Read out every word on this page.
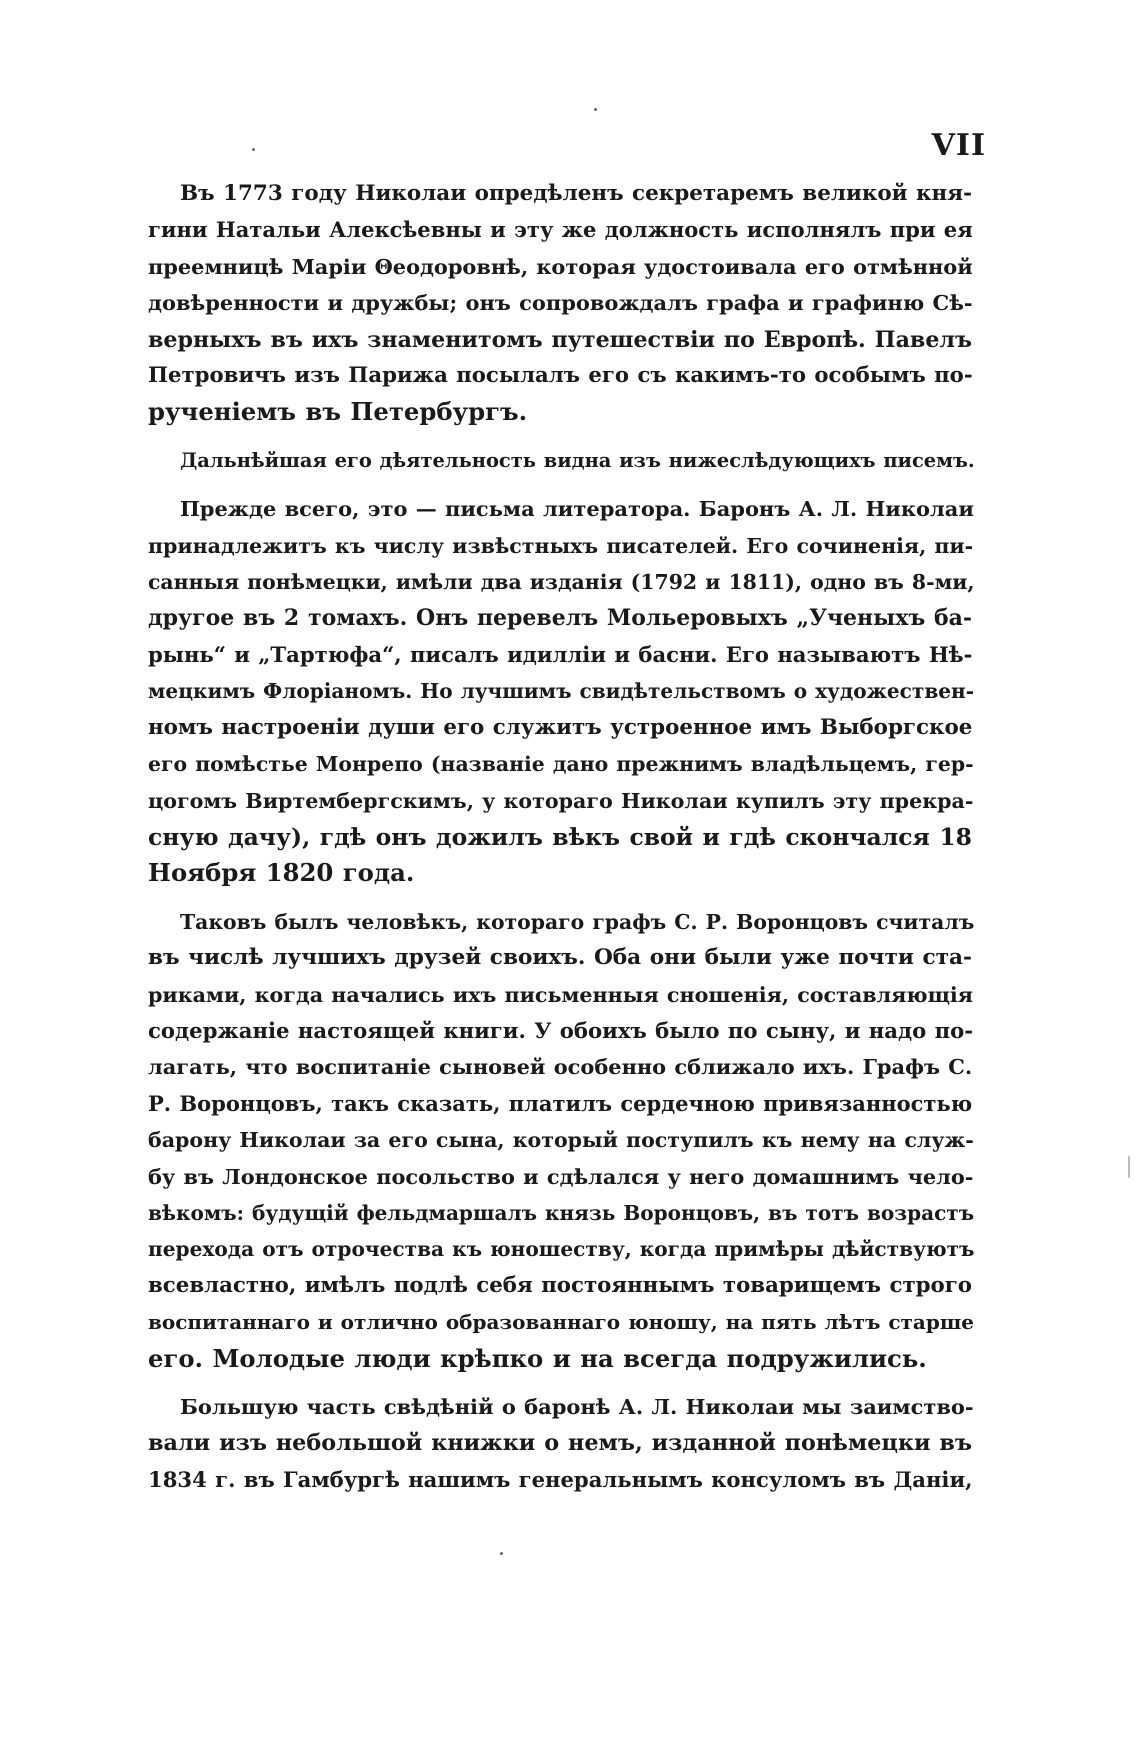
VII
Въ 1773 году Николаи опредѣленъ секретаремъ великой кня-
гини Натальи Алексѣевны и эту же должность исполнялъ при ея
преемницѣ Маріи Θеодоровнѣ, которая удостоивала его отмѣнной
довѣренности и дружбы; онъ сопровождалъ графа и графиню Сѣ-
верныхъ въ ихъ знаменитомъ путешествіи по Европѣ. Павелъ
Петровичъ изъ Парижа посылалъ его съ какимъ-то особымъ по-
рученіемъ въ Петербургъ.
Дальнѣйшая его дѣятельность видна изъ нижеслѣдующихъ писемъ.
Прежде всего, это — письма литератора. Баронъ А. Л. Николаи
принадлежитъ къ числу извѣстныхъ писателей. Его сочиненія, пи-
санныя понѣмецки, имѣли два изданія (1792 и 1811), одно въ 8-ми,
другое въ 2 томахъ. Онъ перевелъ Мольеровыхъ „Ученыхъ ба-
рынь“ и „Тартюфа“, писалъ идилліи и басни. Его называютъ Нѣ-
мецкимъ Флоріаномъ. Но лучшимъ свидѣтельствомъ о художествен-
номъ настроеніи души его служитъ устроенное имъ Выборгское
его помѣстье Монрепо (названіе дано прежнимъ владѣльцемъ, гер-
цогомъ Виртембергскимъ, у котораго Николаи купилъ эту прекра-
сную дачу), гдѣ онъ дожилъ вѣкъ свой и гдѣ скончался 18
Ноября 1820 года.
Таковъ былъ человѣкъ, котораго графъ С. Р. Воронцовъ считалъ
въ числѣ лучшихъ друзей своихъ. Оба они были уже почти ста-
риками, когда начались ихъ письменныя сношенія, составляющія
содержаніе настоящей книги. У обоихъ было по сыну, и надо по-
лагать, что воспитаніе сыновей особенно сближало ихъ. Графъ С.
Р. Воронцовъ, такъ сказать, платилъ сердечною привязанностью
барону Николаи за его сына, который поступилъ къ нему на служ-
бу въ Лондонское посольство и сдѣлался у него домашнимъ чело-
вѣкомъ: будущій фельдмаршалъ князь Воронцовъ, въ тотъ возрастъ
перехода отъ отрочества къ юношеству, когда примѣры дѣйствуютъ
всевластно, имѣлъ подлѣ себя постояннымъ товарищемъ строго
воспитаннаго и отлично образованнаго юношу, на пять лѣтъ старше
его. Молодые люди крѣпко и на всегда подружились.
Большую часть свѣдѣній о баронѣ А. Л. Николаи мы заимство-
вали изъ небольшой книжки о немъ, изданной понѣмецки въ
1834 г. въ Гамбургѣ нашимъ генеральнымъ консуломъ въ Даніи,
